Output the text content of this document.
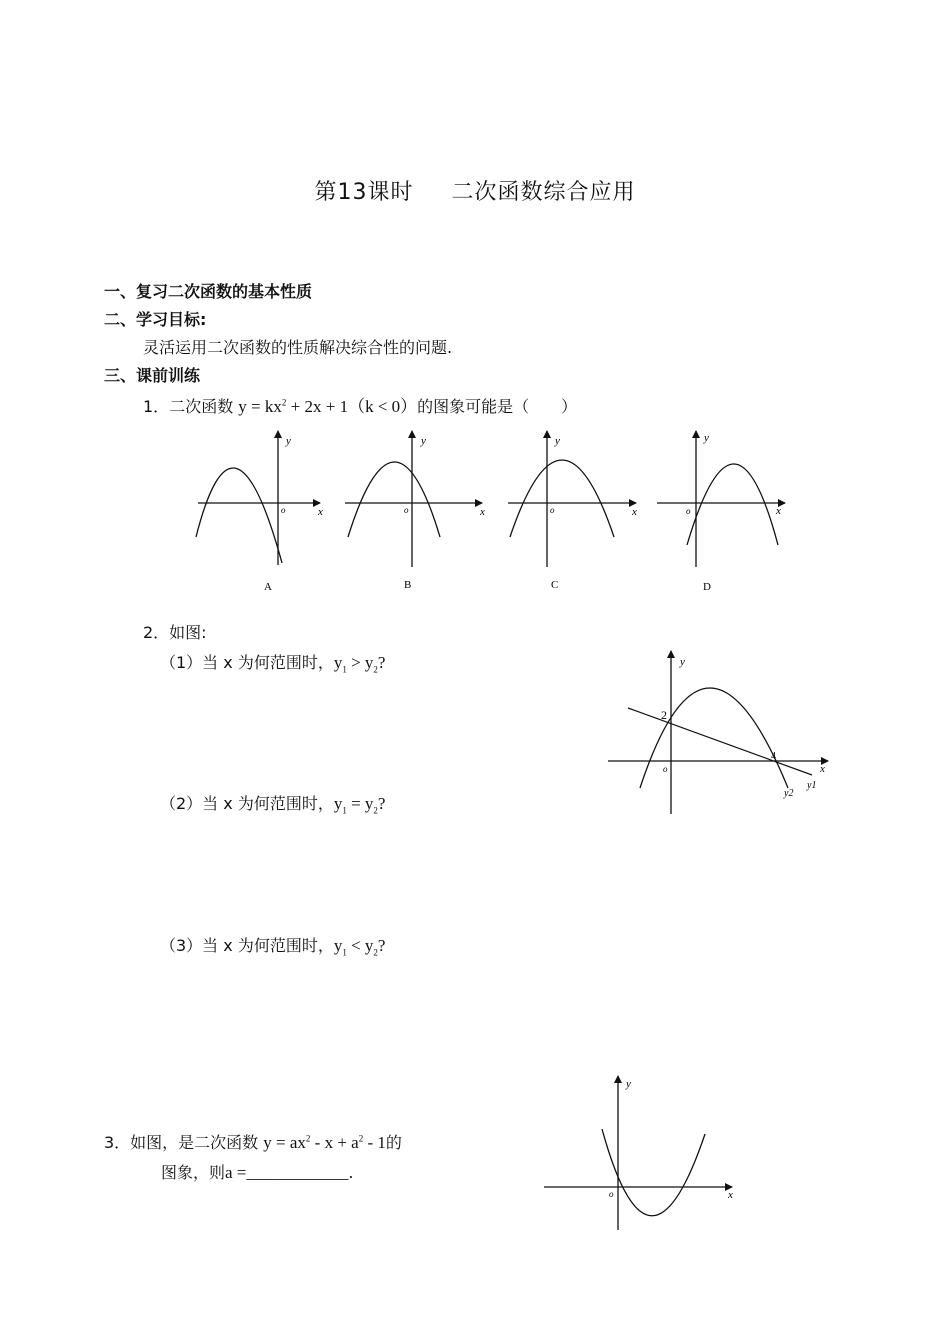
第13课时 二次函数综合应用
一、复习二次函数的基本性质
二、学习目标:
灵活运用二次函数的性质解决综合性的问题.
三、课前训练
1．二次函数 $y = kx^2 + 2x + 1(k < 0)$的图象可能是（　　）
y
x
o
A
y
x
o
B
y
x
o
C
y
x
o
D
2．如图:
（1）当 x 为何范围时，$y_1 > y_2$?
（2）当 x 为何范围时，$y_1 = y_2$?
（3）当 x 为何范围时，$y_1 < y_2$?
y
x
2
4
o
y1
y2
3．如图，是二次函数 $y = ax^2 - x + a^2 - 1$的
图象，则a =____________.
y
x
o
